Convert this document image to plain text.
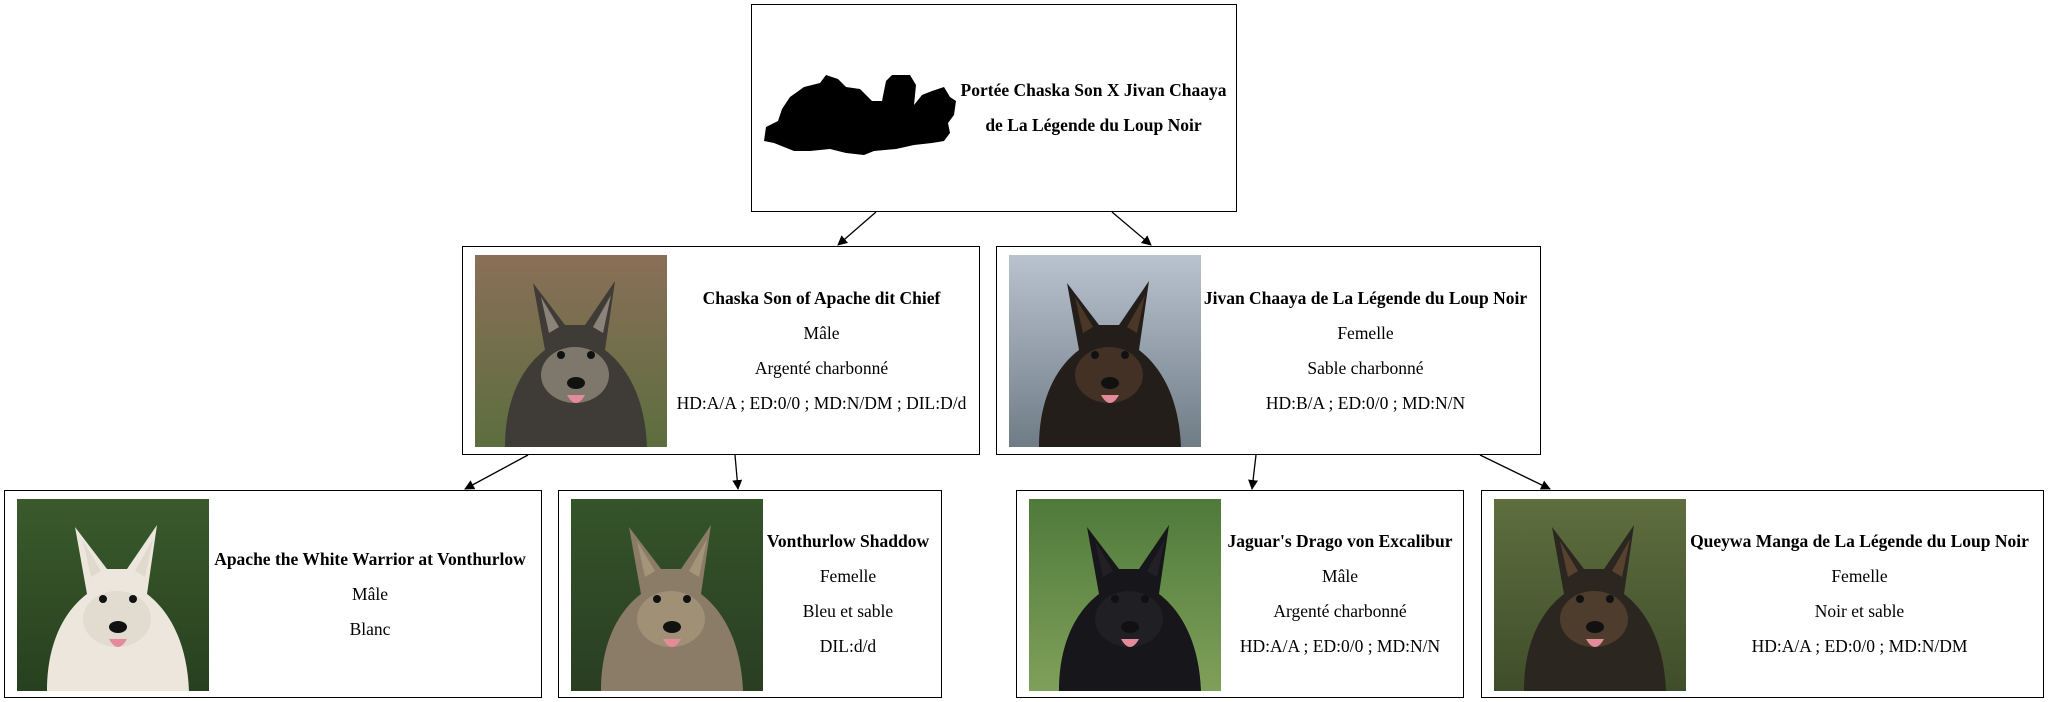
Portée Chaska Son X Jivan Chaaya
de La Légende du Loup Noir
Chaska Son of Apache dit Chief
Mâle
Argenté charbonné
HD:A/A ; ED:0/0 ; MD:N/DM ; DIL:D/d
Jivan Chaaya de La Légende du Loup Noir
Femelle
Sable charbonné
HD:B/A ; ED:0/0 ; MD:N/N
Apache the White Warrior at Vonthurlow
Mâle
Blanc
Vonthurlow Shaddow
Femelle
Bleu et sable
DIL:d/d
Jaguar's Drago von Excalibur
Mâle
Argenté charbonné
HD:A/A ; ED:0/0 ; MD:N/N
Queywa Manga de La Légende du Loup Noir
Femelle
Noir et sable
HD:A/A ; ED:0/0 ; MD:N/DM
